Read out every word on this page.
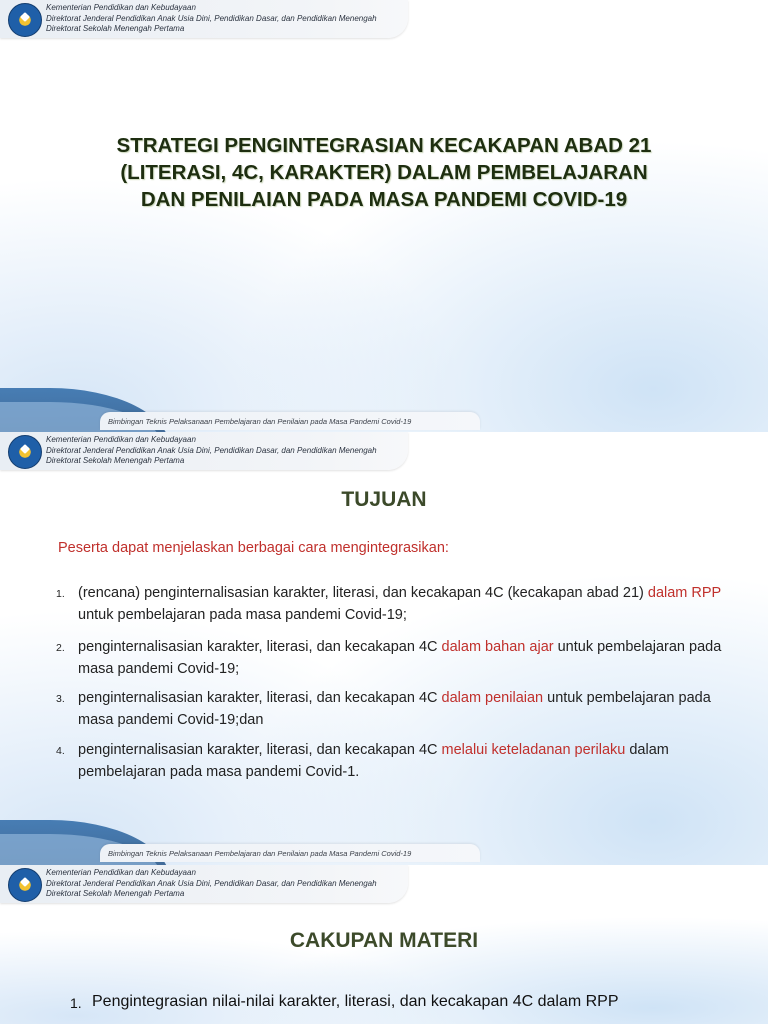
Kementerian Pendidikan dan Kebudayaan
Direktorat Jenderal Pendidikan Anak Usia Dini, Pendidikan Dasar, dan Pendidikan Menengah
Direktorat Sekolah Menengah Pertama
STRATEGI PENGINTEGRASIAN KECAKAPAN ABAD 21
(LITERASI, 4C, KARAKTER) DALAM PEMBELAJARAN
DAN PENILAIAN PADA MASA PANDEMI COVID-19
Bimbingan Teknis Pelaksanaan Pembelajaran dan Penilaian pada Masa Pandemi Covid-19
Kementerian Pendidikan dan Kebudayaan
Direktorat Jenderal Pendidikan Anak Usia Dini, Pendidikan Dasar, dan Pendidikan Menengah
Direktorat Sekolah Menengah Pertama
TUJUAN
Peserta dapat menjelaskan berbagai cara mengintegrasikan:
1. (rencana) penginternalisasian karakter, literasi, dan kecakapan 4C (kecakapan abad 21) dalam RPP untuk pembelajaran pada masa pandemi Covid-19;
2. penginternalisasian karakter, literasi, dan kecakapan 4C dalam bahan ajar untuk pembelajaran pada masa pandemi Covid-19;
3. penginternalisasian karakter, literasi, dan kecakapan 4C dalam penilaian untuk pembelajaran pada masa pandemi Covid-19;dan
4. penginternalisasian karakter, literasi, dan kecakapan 4C melalui keteladanan perilaku dalam pembelajaran pada masa pandemi Covid-1.
Bimbingan Teknis Pelaksanaan Pembelajaran dan Penilaian pada Masa Pandemi Covid-19
Kementerian Pendidikan dan Kebudayaan
Direktorat Jenderal Pendidikan Anak Usia Dini, Pendidikan Dasar, dan Pendidikan Menengah
Direktorat Sekolah Menengah Pertama
CAKUPAN MATERI
1. Pengintegrasian nilai-nilai karakter, literasi, dan kecakapan 4C dalam RPP
